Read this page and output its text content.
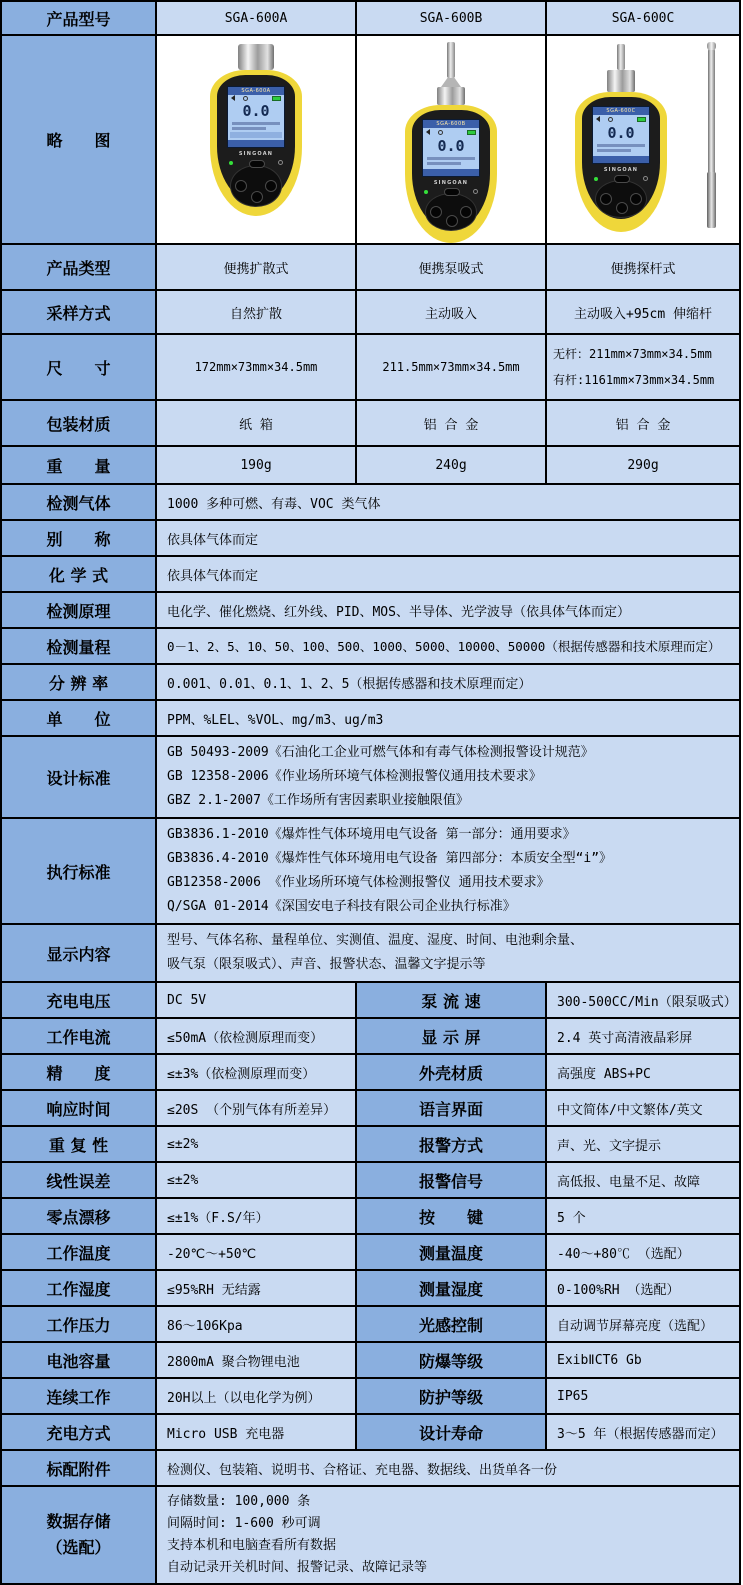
产品型号	SGA-600A	SGA-600B	SGA-600C
略　　图	
SGA-600A
0.0
SINGOAN

SGA-600B
0.0
SINGOAN

SGA-600C
0.0
SINGOAN

产品类型	便携扩散式	便携泵吸式	便携探杆式
采样方式	自然扩散	主动吸入	主动吸入+95cm 伸缩杆
尺　　寸	172mm×73mm×34.5mm	211.5mm×73mm×34.5mm	无杆：211mm×73mm×34.5mm
有杆:1161mm×73mm×34.5mm

包装材质	纸 箱	铝 合 金	铝 合 金
重　　量	190g	240g	290g
检测气体	1000 多种可燃、有毒、VOC 类气体		
别　　称	依具体气体而定		
化 学 式	依具体气体而定		
检测原理	电化学、催化燃烧、红外线、PID、MOS、半导体、光学波导（依具体气体而定）		
检测量程	0－1、2、5、10、50、100、500、1000、5000、10000、50000（根据传感器和技术原理而定）		
分 辨 率	0.001、0.01、0.1、1、2、5（根据传感器和技术原理而定）		
单　　位	PPM、%LEL、%VOL、mg/m3、ug/m3		
设计标准	GB 50493-2009《石油化工企业可燃气体和有毒气体检测报警设计规范》
GB 12358-2006《作业场所环境气体检测报警仪通用技术要求》
GBZ 2.1-2007《工作场所有害因素职业接触限值》		

执行标准	GB3836.1-2010《爆炸性气体环境用电气设备 第一部分：通用要求》
GB3836.4-2010《爆炸性气体环境用电气设备 第四部分：本质安全型“i”》
GB12358-2006 《作业场所环境气体检测报警仪 通用技术要求》
Q/SGA 01-2014《深国安电子科技有限公司企业执行标准》		

显示内容	型号、气体名称、量程单位、实测值、温度、湿度、时间、电池剩余量、
吸气泵（限泵吸式）、声音、报警状态、温馨文字提示等		

充电电压	DC 5V	泵 流 速	300-500CC/Min（限泵吸式）
工作电流	≤50mA（依检测原理而变）	显 示 屏	2.4 英寸高清液晶彩屏
精　　度	≤±3%（依检测原理而变）	外壳材质	高强度 ABS+PC
响应时间	≤20S （个别气体有所差异）	语言界面	中文简体/中文繁体/英文
重 复 性	≤±2%	报警方式	声、光、文字提示
线性误差	≤±2%	报警信号	高低报、电量不足、故障
零点漂移	≤±1%（F.S/年）	按　　键	5 个
工作温度	-20℃～+50℃	测量温度	-40～+80℃ （选配）
工作湿度	≤95%RH 无结露	测量湿度	0-100%RH （选配）
工作压力	86～106Kpa	光感控制	自动调节屏幕亮度（选配）
电池容量	2800mA 聚合物锂电池	防爆等级	ExibⅡCT6 Gb
连续工作	20H以上（以电化学为例）	防护等级	IP65
充电方式	Micro USB 充电器	设计寿命	3～5 年（根据传感器而定）
标配附件	检测仪、包装箱、说明书、合格证、充电器、数据线、出货单各一份		

数据存储
（选配）

存储数量: 100,000 条
间隔时间: 1-600 秒可调
支持本机和电脑查看所有数据
自动记录开关机时间、报警记录、故障记录等
